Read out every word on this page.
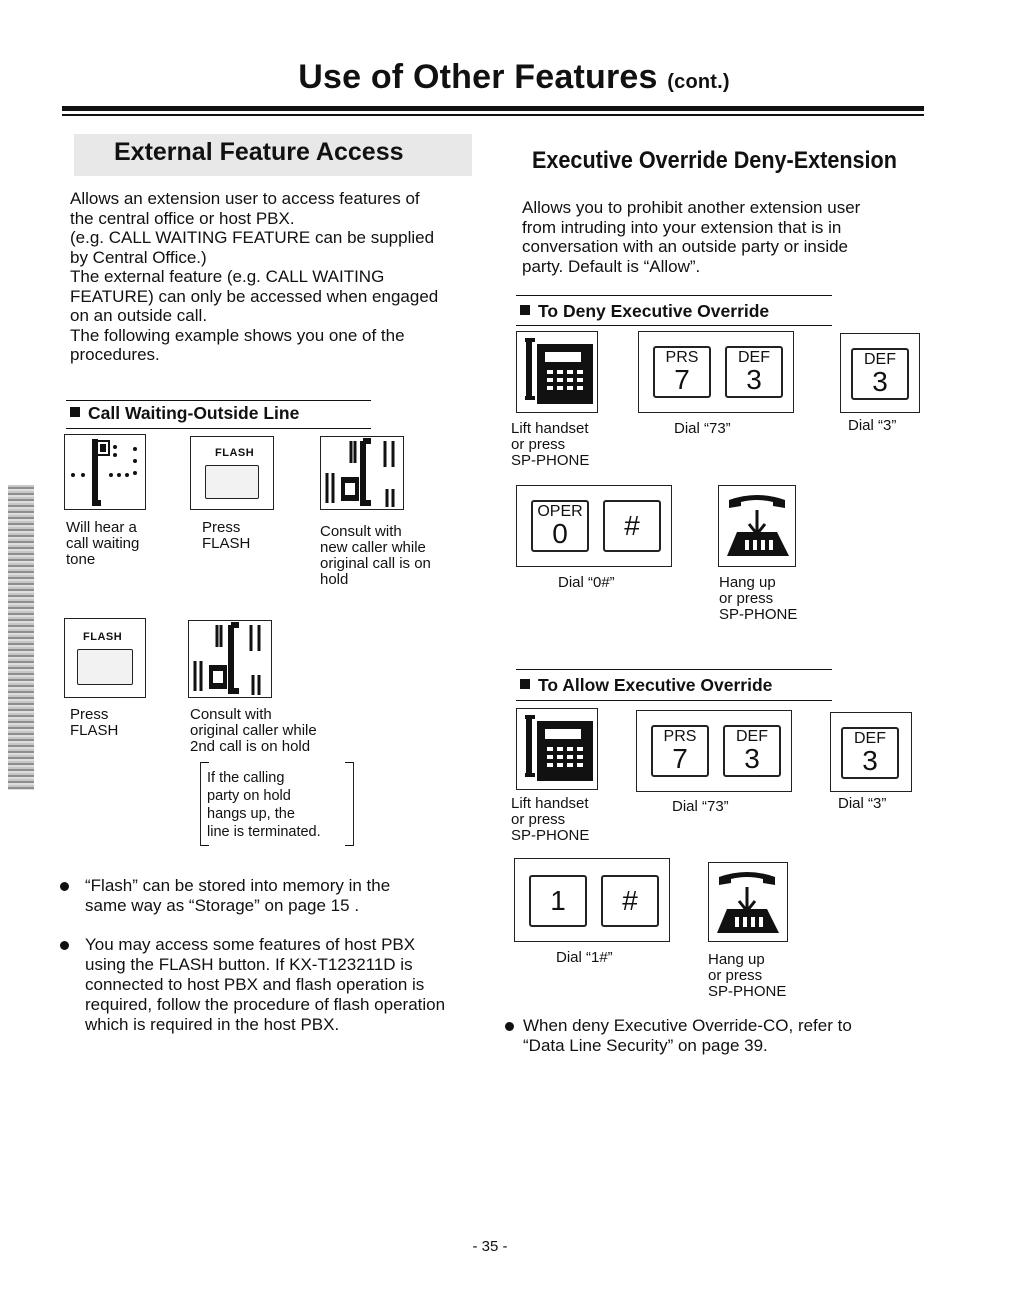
Use of Other Features (cont.)
External Feature Access
Allows an extension user to access features of
the central office or host PBX.
(e.g. CALL WAITING FEATURE can be supplied
by Central Office.)
The external feature (e.g. CALL WAITING
FEATURE) can only be accessed when engaged
on an outside call.
The following example shows you one of the
procedures.
Call Waiting-Outside Line
Will hear a
call waiting
tone
FLASH
Press
FLASH
Consult with
new caller while
original call is on
hold
FLASH
Press
FLASH
Consult with
original caller while
2nd call is on hold
If the calling
party on hold
hangs up, the
line is terminated.
“Flash” can be stored into memory in the
same way as “Storage” on page 15 .
You may access some features of host PBX
using the FLASH button. If KX-T123211D is
connected to host PBX and flash operation is
required, follow the procedure of flash operation
which is required in the host PBX.
Executive Override Deny-Extension
Allows you to prohibit another extension user
from intruding into your extension that is in
conversation with an outside party or inside
party. Default is “Allow”.
To Deny Executive Override
Lift handset
or press
SP-PHONE
PRS
7
DEF
3
Dial “73”
DEF
3
Dial “3”
OPER
0	#
Dial “0#”	Hang up
or press
SP-PHONE
To Allow Executive Override
Lift handset
or press
SP-PHONE
PRS
7
DEF
3
Dial “73”
DEF
3
Dial “3”
1	#
Dial “1#”	Hang up
or press
SP-PHONE
When deny Executive Override-CO, refer to
“Data Line Security” on page 39.
- 35 -
